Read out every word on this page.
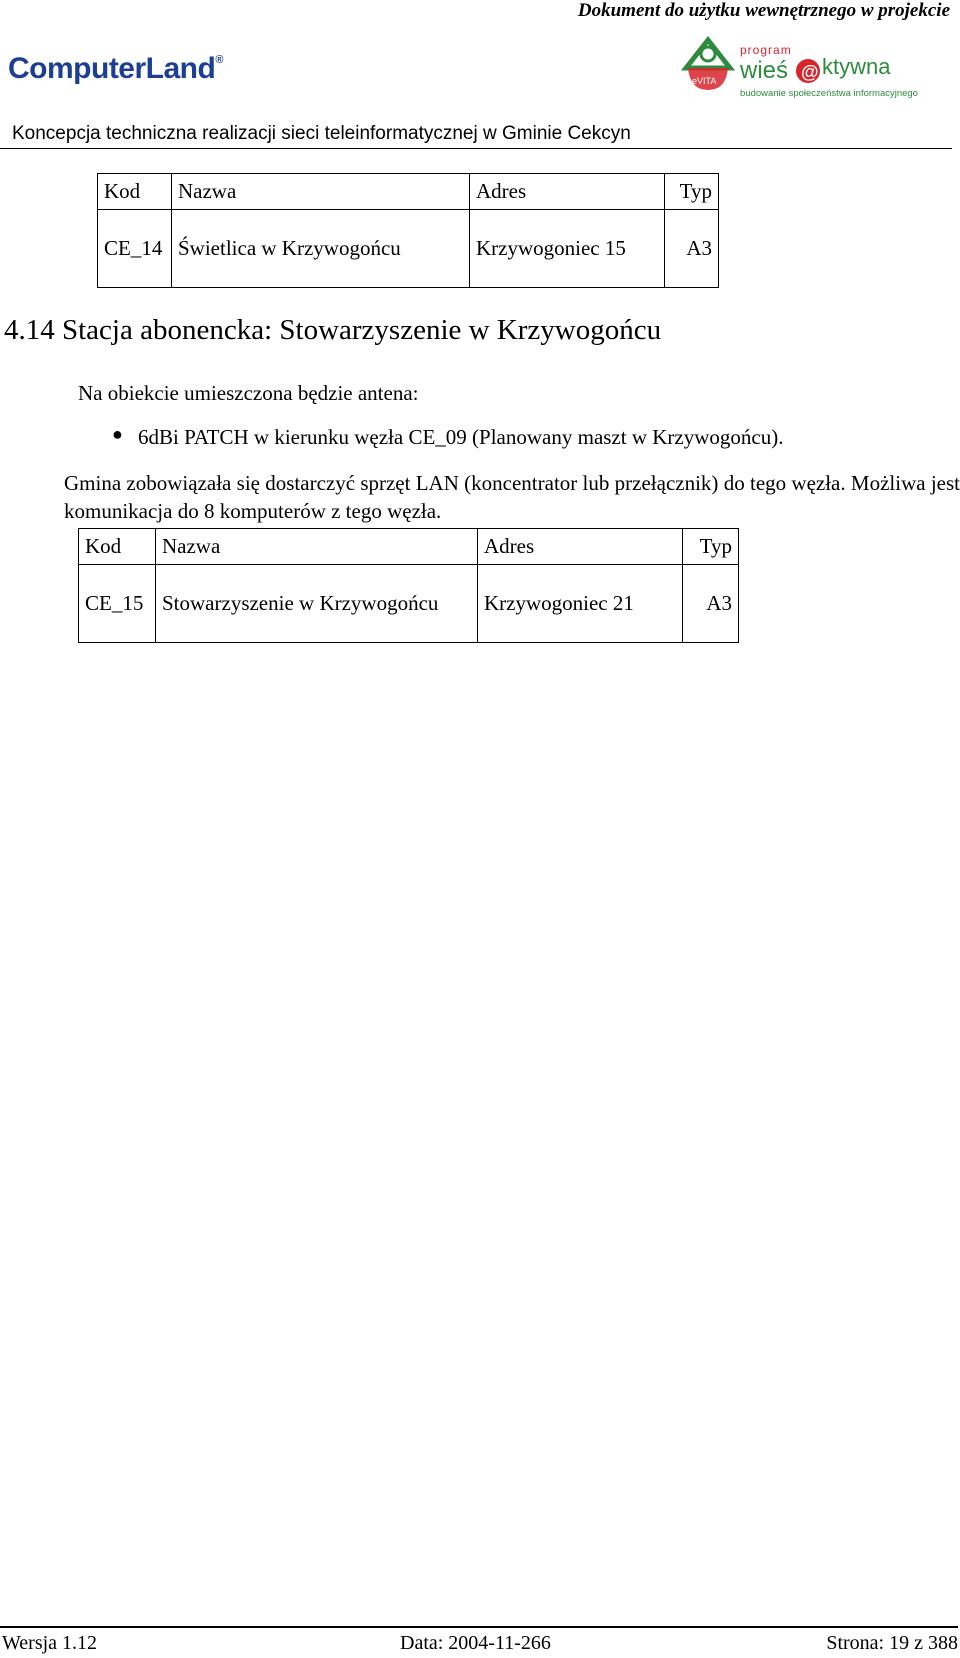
Dokument do użytku wewnętrznego w projekcie
ComputerLand®
eVITA
program
wieś @ ktywna
budowanie społeczeństwa informacyjnego
Koncepcja techniczna realizacji sieci teleinformatycznej w Gminie Cekcyn
Kod	Nazwa	Adres	Typ
CE_14	Świetlica w Krzywogońcu	Krzywogoniec 15	A3
4.14 Stacja abonencka: Stowarzyszenie w Krzywogońcu
Na obiekcie umieszczona będzie antena:
● 6dBi PATCH w kierunku węzła CE_09 (Planowany maszt w Krzywogońcu).
Gmina zobowiązała się dostarczyć sprzęt LAN (koncentrator lub przełącznik) do tego węzła. Możliwa jest komunikacja do 8 komputerów z tego węzła.
Kod	Nazwa	Adres	Typ
CE_15	Stowarzyszenie w Krzywogońcu	Krzywogoniec 21	A3
Wersja 1.12	Data: 2004-11-266	Strona: 19 z 388
